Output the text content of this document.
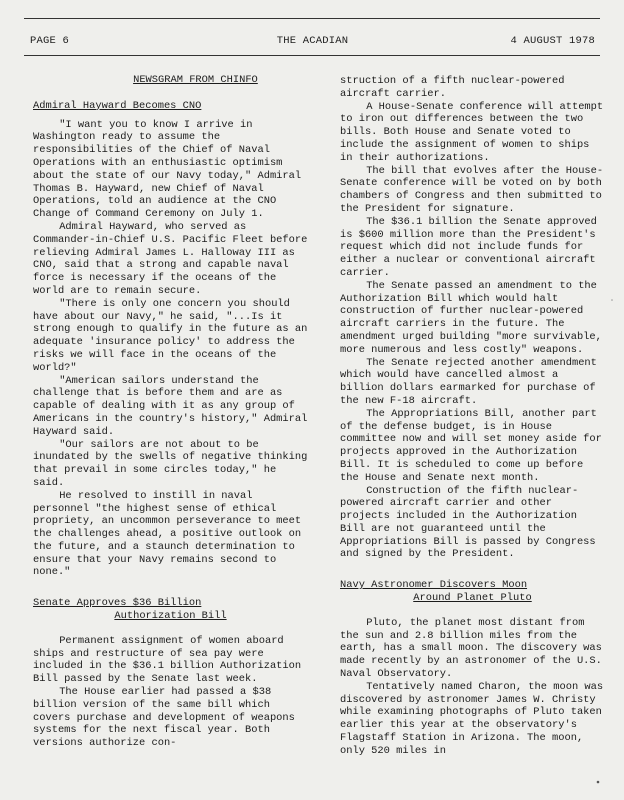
PAGE 6	THE ACADIAN	4 AUGUST 1978
NEWSGRAM FROM CHINFO
Admiral Hayward Becomes CNO

"I want you to know I arrive in Washington ready to assume the responsibilities of the Chief of Naval Operations with an enthusiastic optimism about the state of our Navy today," Admiral Thomas B. Hayward, new Chief of Naval Operations, told an audience at the CNO Change of Command Ceremony on July 1.

Admiral Hayward, who served as Commander-in-Chief U.S. Pacific Fleet before relieving Admiral James L. Halloway III as CNO, said that a strong and capable naval force is necessary if the oceans of the world are to remain secure.

"There is only one concern you should have about our Navy," he said, "...Is it strong enough to qualify in the future as an adequate 'insurance policy' to address the risks we will face in the oceans of the world?"

"American sailors understand the challenge that is before them and are as capable of dealing with it as any group of Americans in the country's history," Admiral Hayward said.

"Our sailors are not about to be inundated by the swells of negative thinking that prevail in some circles today," he said.

He resolved to instill in naval personnel "the highest sense of ethical propriety, an uncommon perseverance to meet the challenges ahead, a positive outlook on the future, and a staunch determination to ensure that your Navy remains second to none."

Senate Approves $36 Billion
Authorization Bill

Permanent assignment of women aboard ships and restructure of sea pay were included in the $36.1 billion Authorization Bill passed by the Senate last week.

The House earlier had passed a $38 billion version of the same bill which covers purchase and development of weapons systems for the next fiscal year. Both versions authorize con-

struction of a fifth nuclear-powered aircraft carrier.

A House-Senate conference will attempt to iron out differences between the two bills. Both House and Senate voted to include the assignment of women to ships in their authorizations.

The bill that evolves after the House-Senate conference will be voted on by both chambers of Congress and then submitted to the President for signature.

The $36.1 billion the Senate approved is $600 million more than the President's request which did not include funds for either a nuclear or conventional aircraft carrier.

The Senate passed an amendment to the Authorization Bill which would halt construction of further nuclear-powered aircraft carriers in the future. The amendment urged building "more survivable, more numerous and less costly" weapons.

The Senate rejected another amendment which would have cancelled almost a billion dollars earmarked for purchase of the new F-18 aircraft.

The Appropriations Bill, another part of the defense budget, is in House committee now and will set money aside for projects approved in the Authorization Bill. It is scheduled to come up before the House and Senate next month.

Construction of the fifth nuclear-powered aircraft carrier and other projects included in the Authorization Bill are not guaranteed until the Appropriations Bill is passed by Congress and signed by the President.

Navy Astronomer Discovers Moon
Around Planet Pluto

Pluto, the planet most distant from the sun and 2.8 billion miles from the earth, has a small moon. The discovery was made recently by an astronomer of the U.S. Naval Observatory.

Tentatively named Charon, the moon was discovered by astronomer James W. Christy while examining photographs of Pluto taken earlier this year at the observatory's Flagstaff Station in Arizona. The moon, only 520 miles in
